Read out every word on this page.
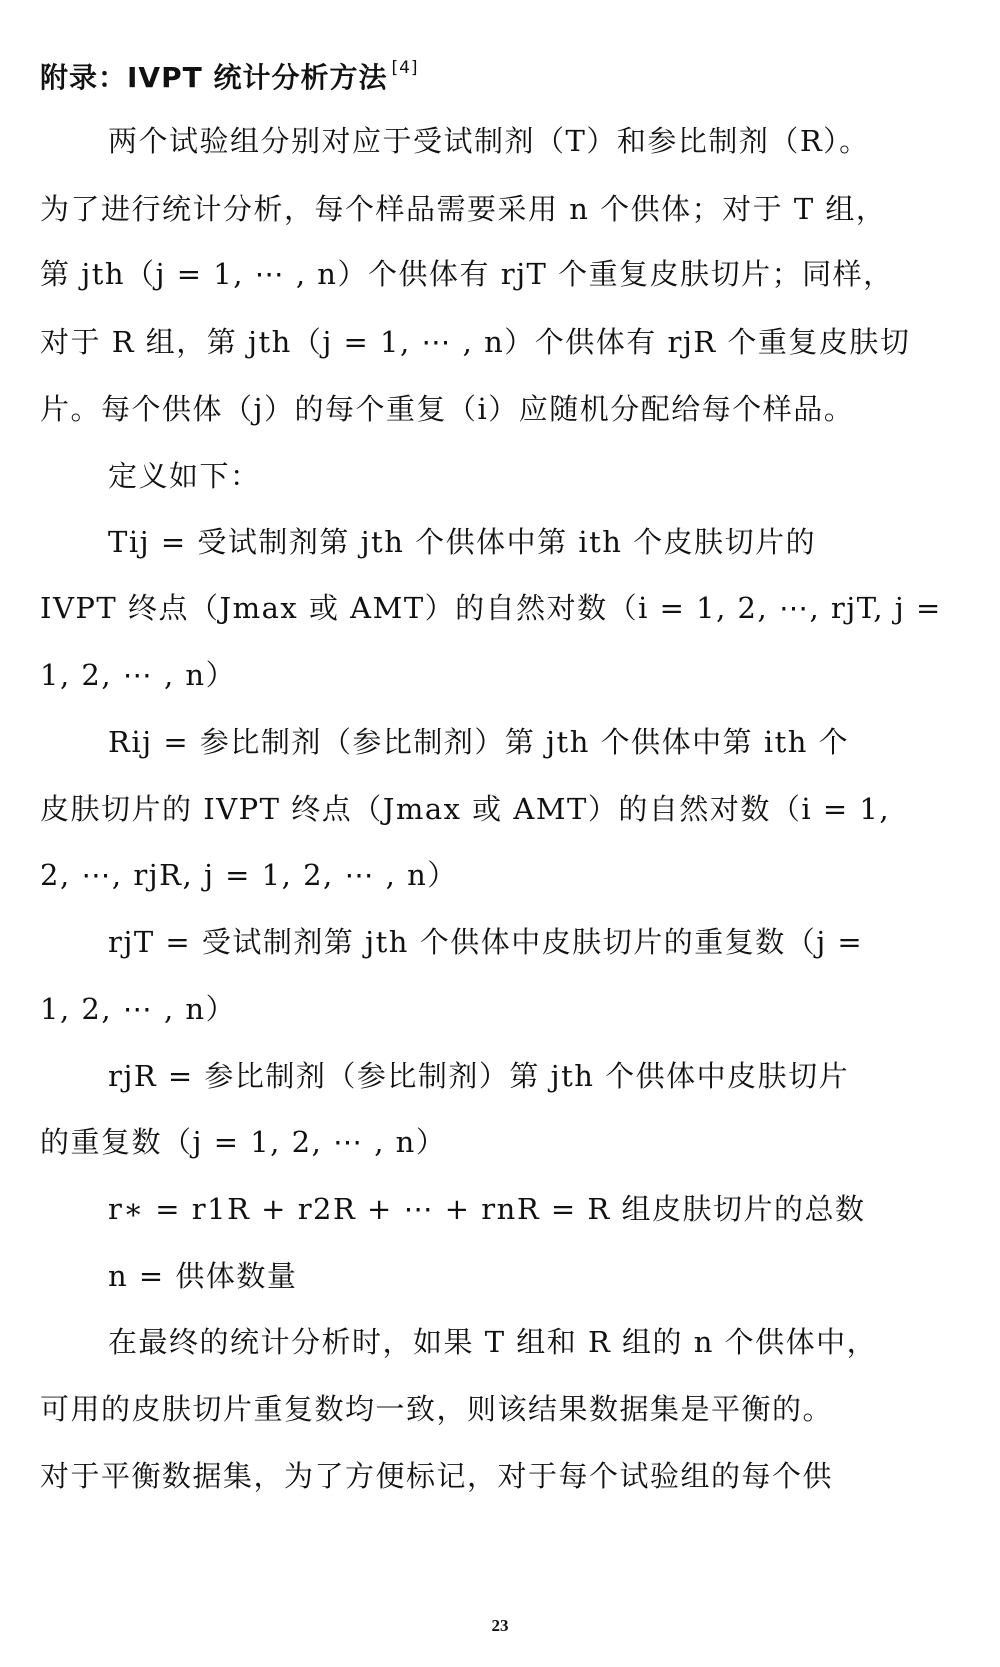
附录：IVPT 统计分析方法 [4]
两个试验组分别对应于受试制剂（T）和参比制剂（R）。
为了进行统计分析，每个样品需要采用 n 个供体；对于 T 组，
第 jth（j = 1, ⋯ , n）个供体有 rjT 个重复皮肤切片；同样，
对于 R 组，第 jth（j = 1, ⋯ , n）个供体有 rjR 个重复皮肤切
片。每个供体（j）的每个重复（i）应随机分配给每个样品。
定义如下：
Tij = 受试制剂第 jth 个供体中第 ith 个皮肤切片的
IVPT 终点（Jmax 或 AMT）的自然对数（i = 1, 2, ⋯, rjT, j =
1, 2, ⋯ , n）
Rij = 参比制剂（参比制剂）第 jth 个供体中第 ith 个
皮肤切片的 IVPT 终点（Jmax 或 AMT）的自然对数（i = 1,
2, ⋯, rjR, j = 1, 2, ⋯ , n）
rjT = 受试制剂第 jth 个供体中皮肤切片的重复数（j =
1, 2, ⋯ , n）
rjR = 参比制剂（参比制剂）第 jth 个供体中皮肤切片
的重复数（j = 1, 2, ⋯ , n）
r∗ = r1R + r2R + ⋯ + rnR = R 组皮肤切片的总数
n = 供体数量
在最终的统计分析时，如果 T 组和 R 组的 n 个供体中，
可用的皮肤切片重复数均一致，则该结果数据集是平衡的。
对于平衡数据集，为了方便标记，对于每个试验组的每个供
23
